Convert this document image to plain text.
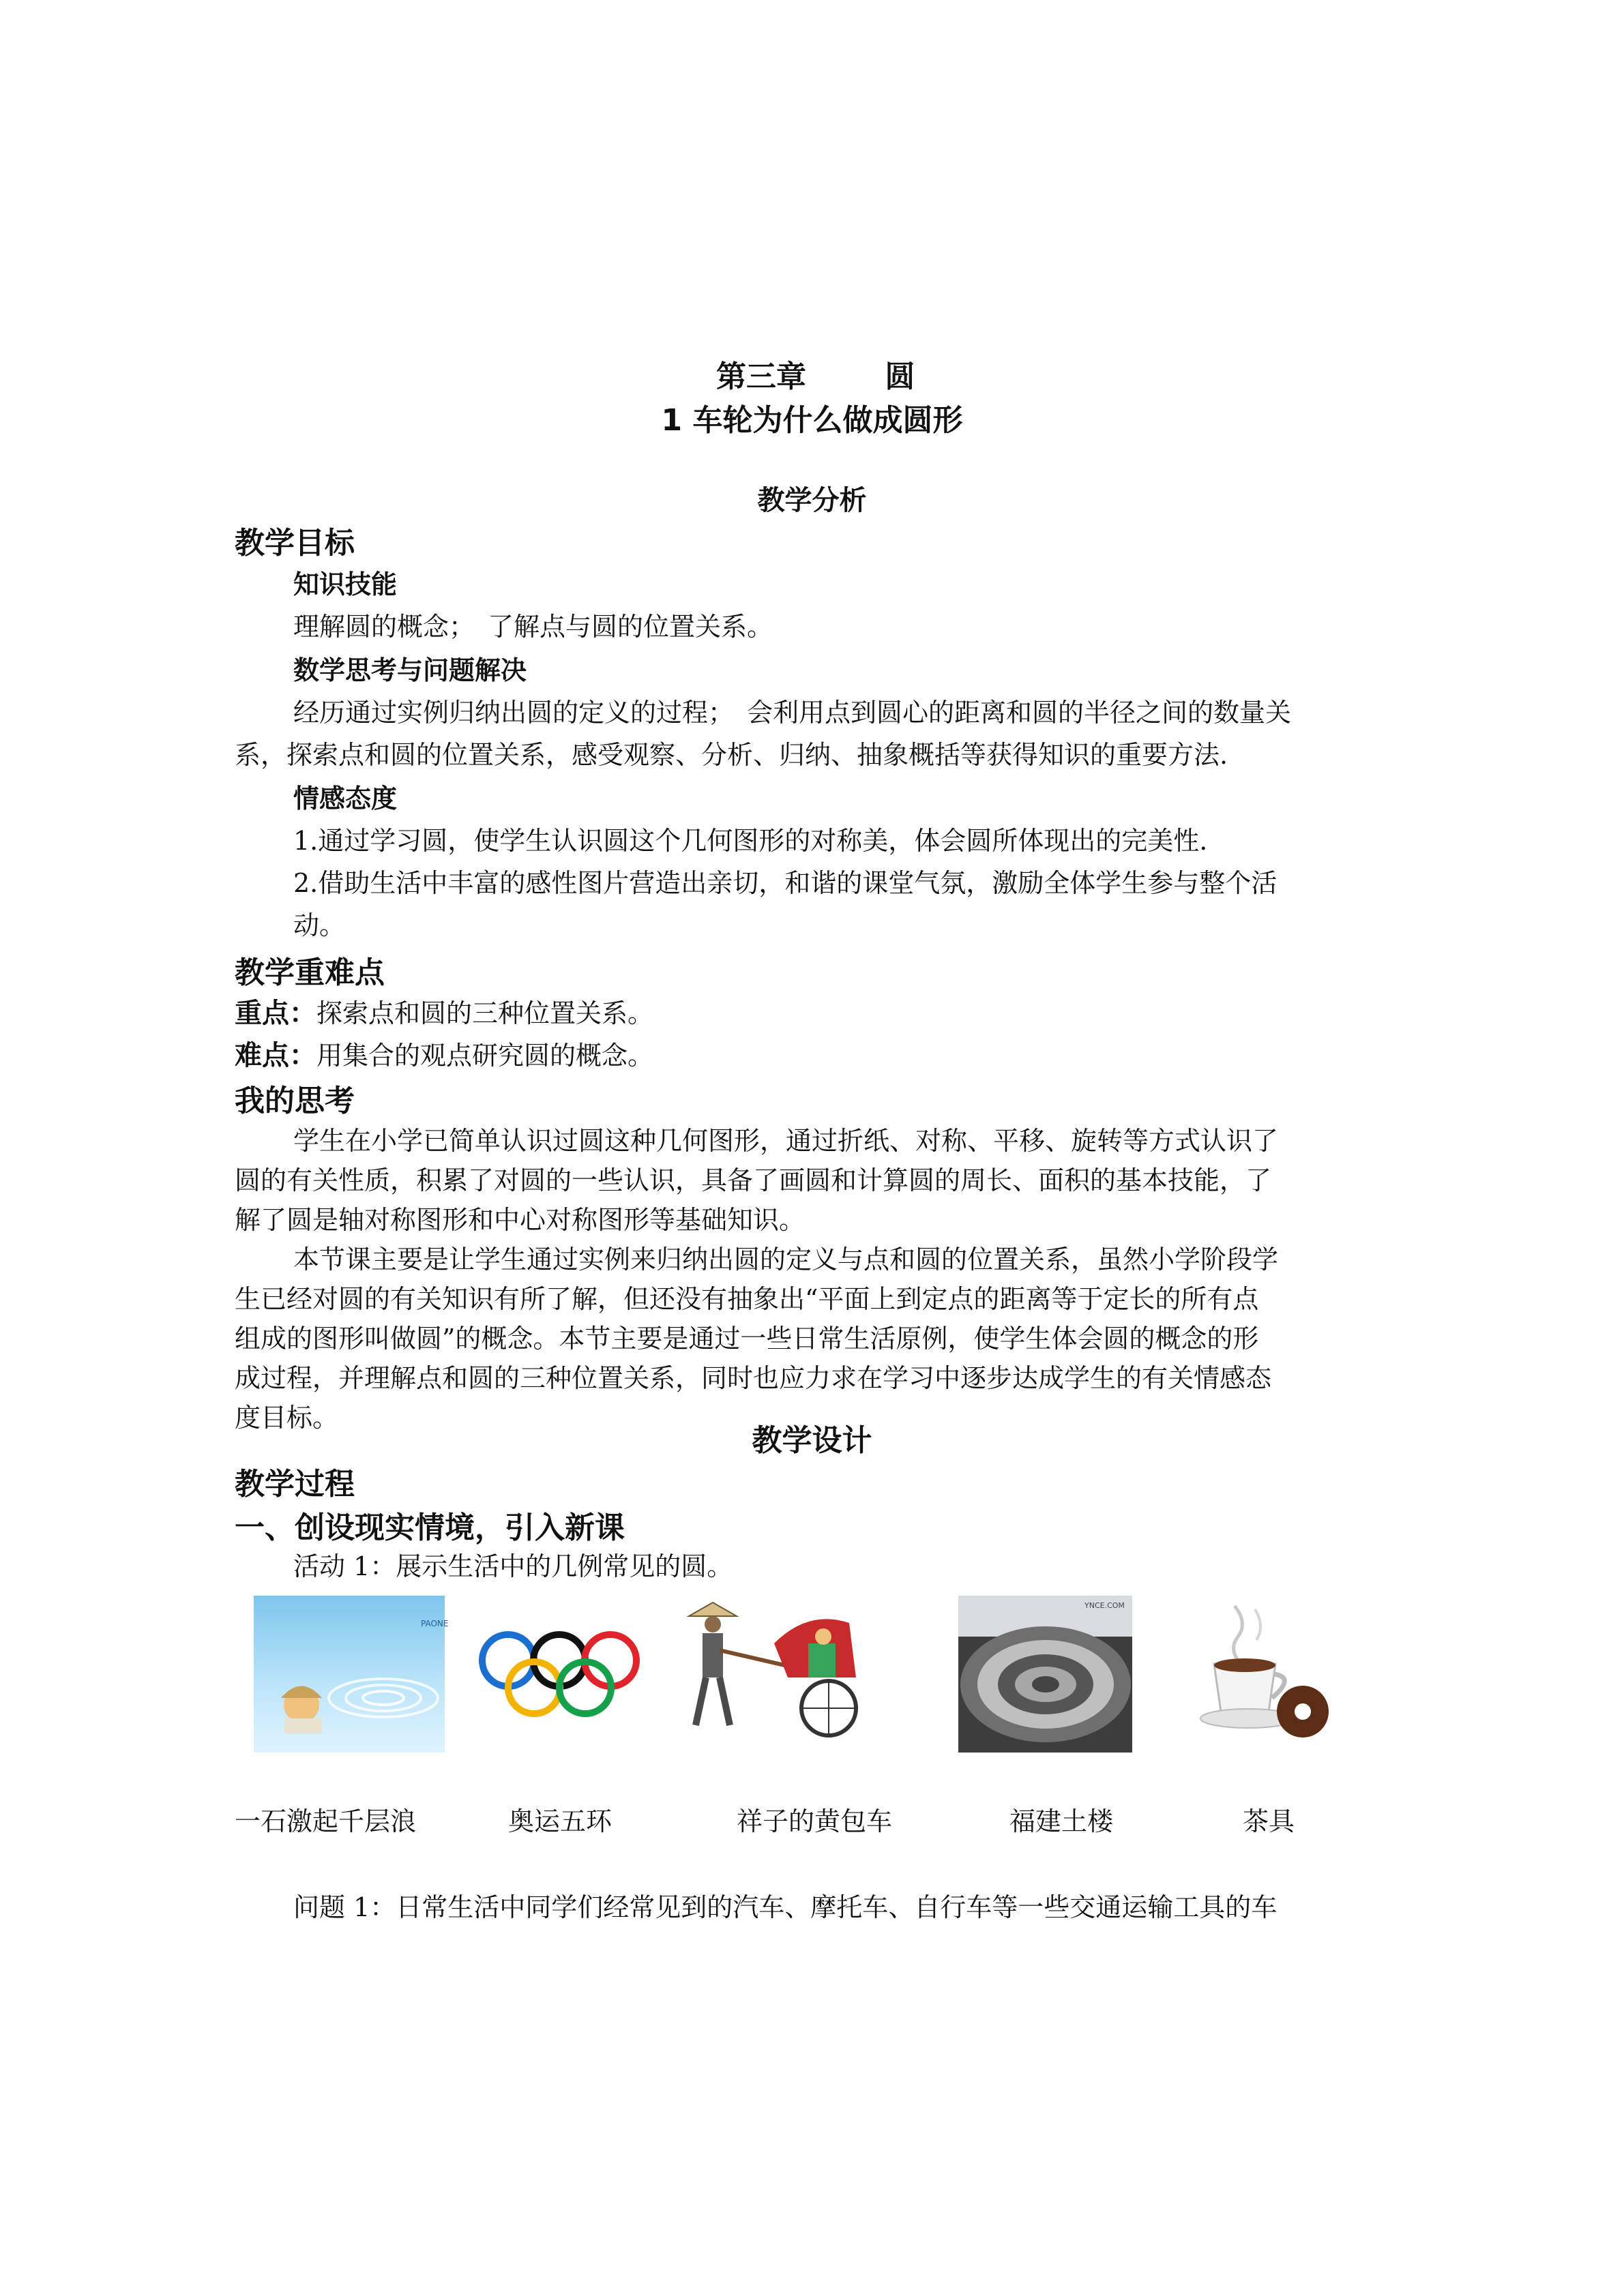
第三章	圆
1 车轮为什么做成圆形
教学分析
教学目标
知识技能
理解圆的概念；　了解点与圆的位置关系。
数学思考与问题解决
经历通过实例归纳出圆的定义的过程；　会利用点到圆心的距离和圆的半径之间的数量关
系，探索点和圆的位置关系，感受观察、分析、归纳、抽象概括等获得知识的重要方法.
情感态度
1.通过学习圆，使学生认识圆这个几何图形的对称美，体会圆所体现出的完美性.
2.借助生活中丰富的感性图片营造出亲切，和谐的课堂气氛，激励全体学生参与整个活
动。
教学重难点
重点：探索点和圆的三种位置关系。
难点：用集合的观点研究圆的概念。
我的思考
学生在小学已简单认识过圆这种几何图形，通过折纸、对称、平移、旋转等方式认识了
圆的有关性质，积累了对圆的一些认识，具备了画圆和计算圆的周长、面积的基本技能，了
解了圆是轴对称图形和中心对称图形等基础知识。
本节课主要是让学生通过实例来归纳出圆的定义与点和圆的位置关系，虽然小学阶段学
生已经对圆的有关知识有所了解，但还没有抽象出“平面上到定点的距离等于定长的所有点
组成的图形叫做圆”的概念。本节主要是通过一些日常生活原例，使学生体会圆的概念的形
成过程，并理解点和圆的三种位置关系，同时也应力求在学习中逐步达成学生的有关情感态
度目标。
教学设计
教学过程
一、创设现实情境，引入新课
活动 1：展示生活中的几例常见的圆。
PAONE
YNCE.COM
一石激起千层浪	奥运五环	祥子的黄包车	福建土楼	茶具
问题 1：日常生活中同学们经常见到的汽车、摩托车、自行车等一些交通运输工具的车
